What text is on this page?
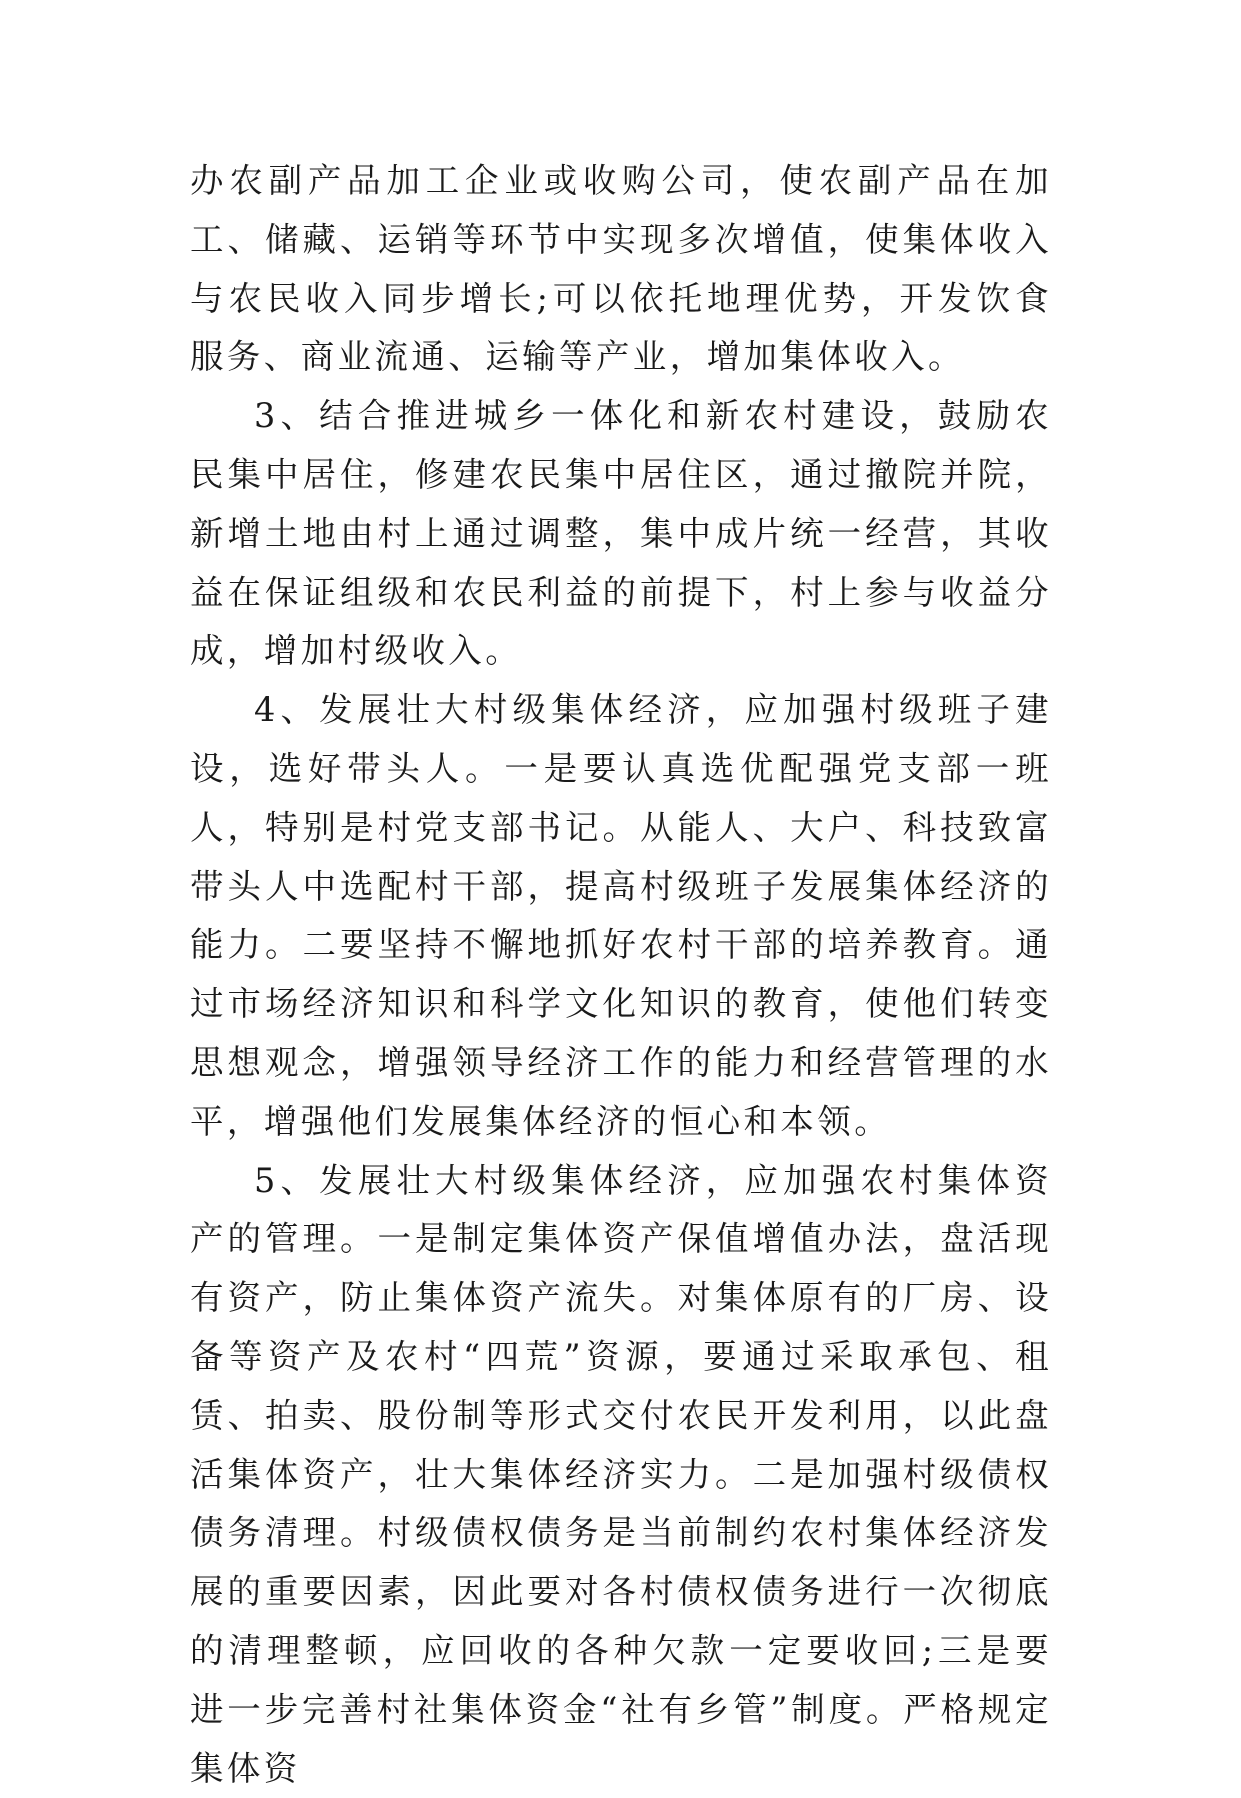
办农副产品加工企业或收购公司，使农副产品在加工、储藏、运销等环节中实现多次增值，使集体收入与农民收入同步增长;可以依托地理优势，开发饮食服务、商业流通、运输等产业，增加集体收入。

3、结合推进城乡一体化和新农村建设，鼓励农民集中居住，修建农民集中居住区，通过撤院并院，新增土地由村上通过调整，集中成片统一经营，其收益在保证组级和农民利益的前提下，村上参与收益分成，增加村级收入。

4、发展壮大村级集体经济，应加强村级班子建设，选好带头人。一是要认真选优配强党支部一班人，特别是村党支部书记。从能人、大户、科技致富带头人中选配村干部，提高村级班子发展集体经济的能力。二要坚持不懈地抓好农村干部的培养教育。通过市场经济知识和科学文化知识的教育，使他们转变思想观念，增强领导经济工作的能力和经营管理的水平，增强他们发展集体经济的恒心和本领。

5、发展壮大村级集体经济，应加强农村集体资产的管理。一是制定集体资产保值增值办法，盘活现有资产，防止集体资产流失。对集体原有的厂房、设备等资产及农村“四荒”资源，要通过采取承包、租赁、拍卖、股份制等形式交付农民开发利用，以此盘活集体资产，壮大集体经济实力。二是加强村级债权债务清理。村级债权债务是当前制约农村集体经济发展的重要因素，因此要对各村债权债务进行一次彻底的清理整顿，应回收的各种欠款一定要收回;三是要进一步完善村社集体资金“社有乡管”制度。严格规定集体资
